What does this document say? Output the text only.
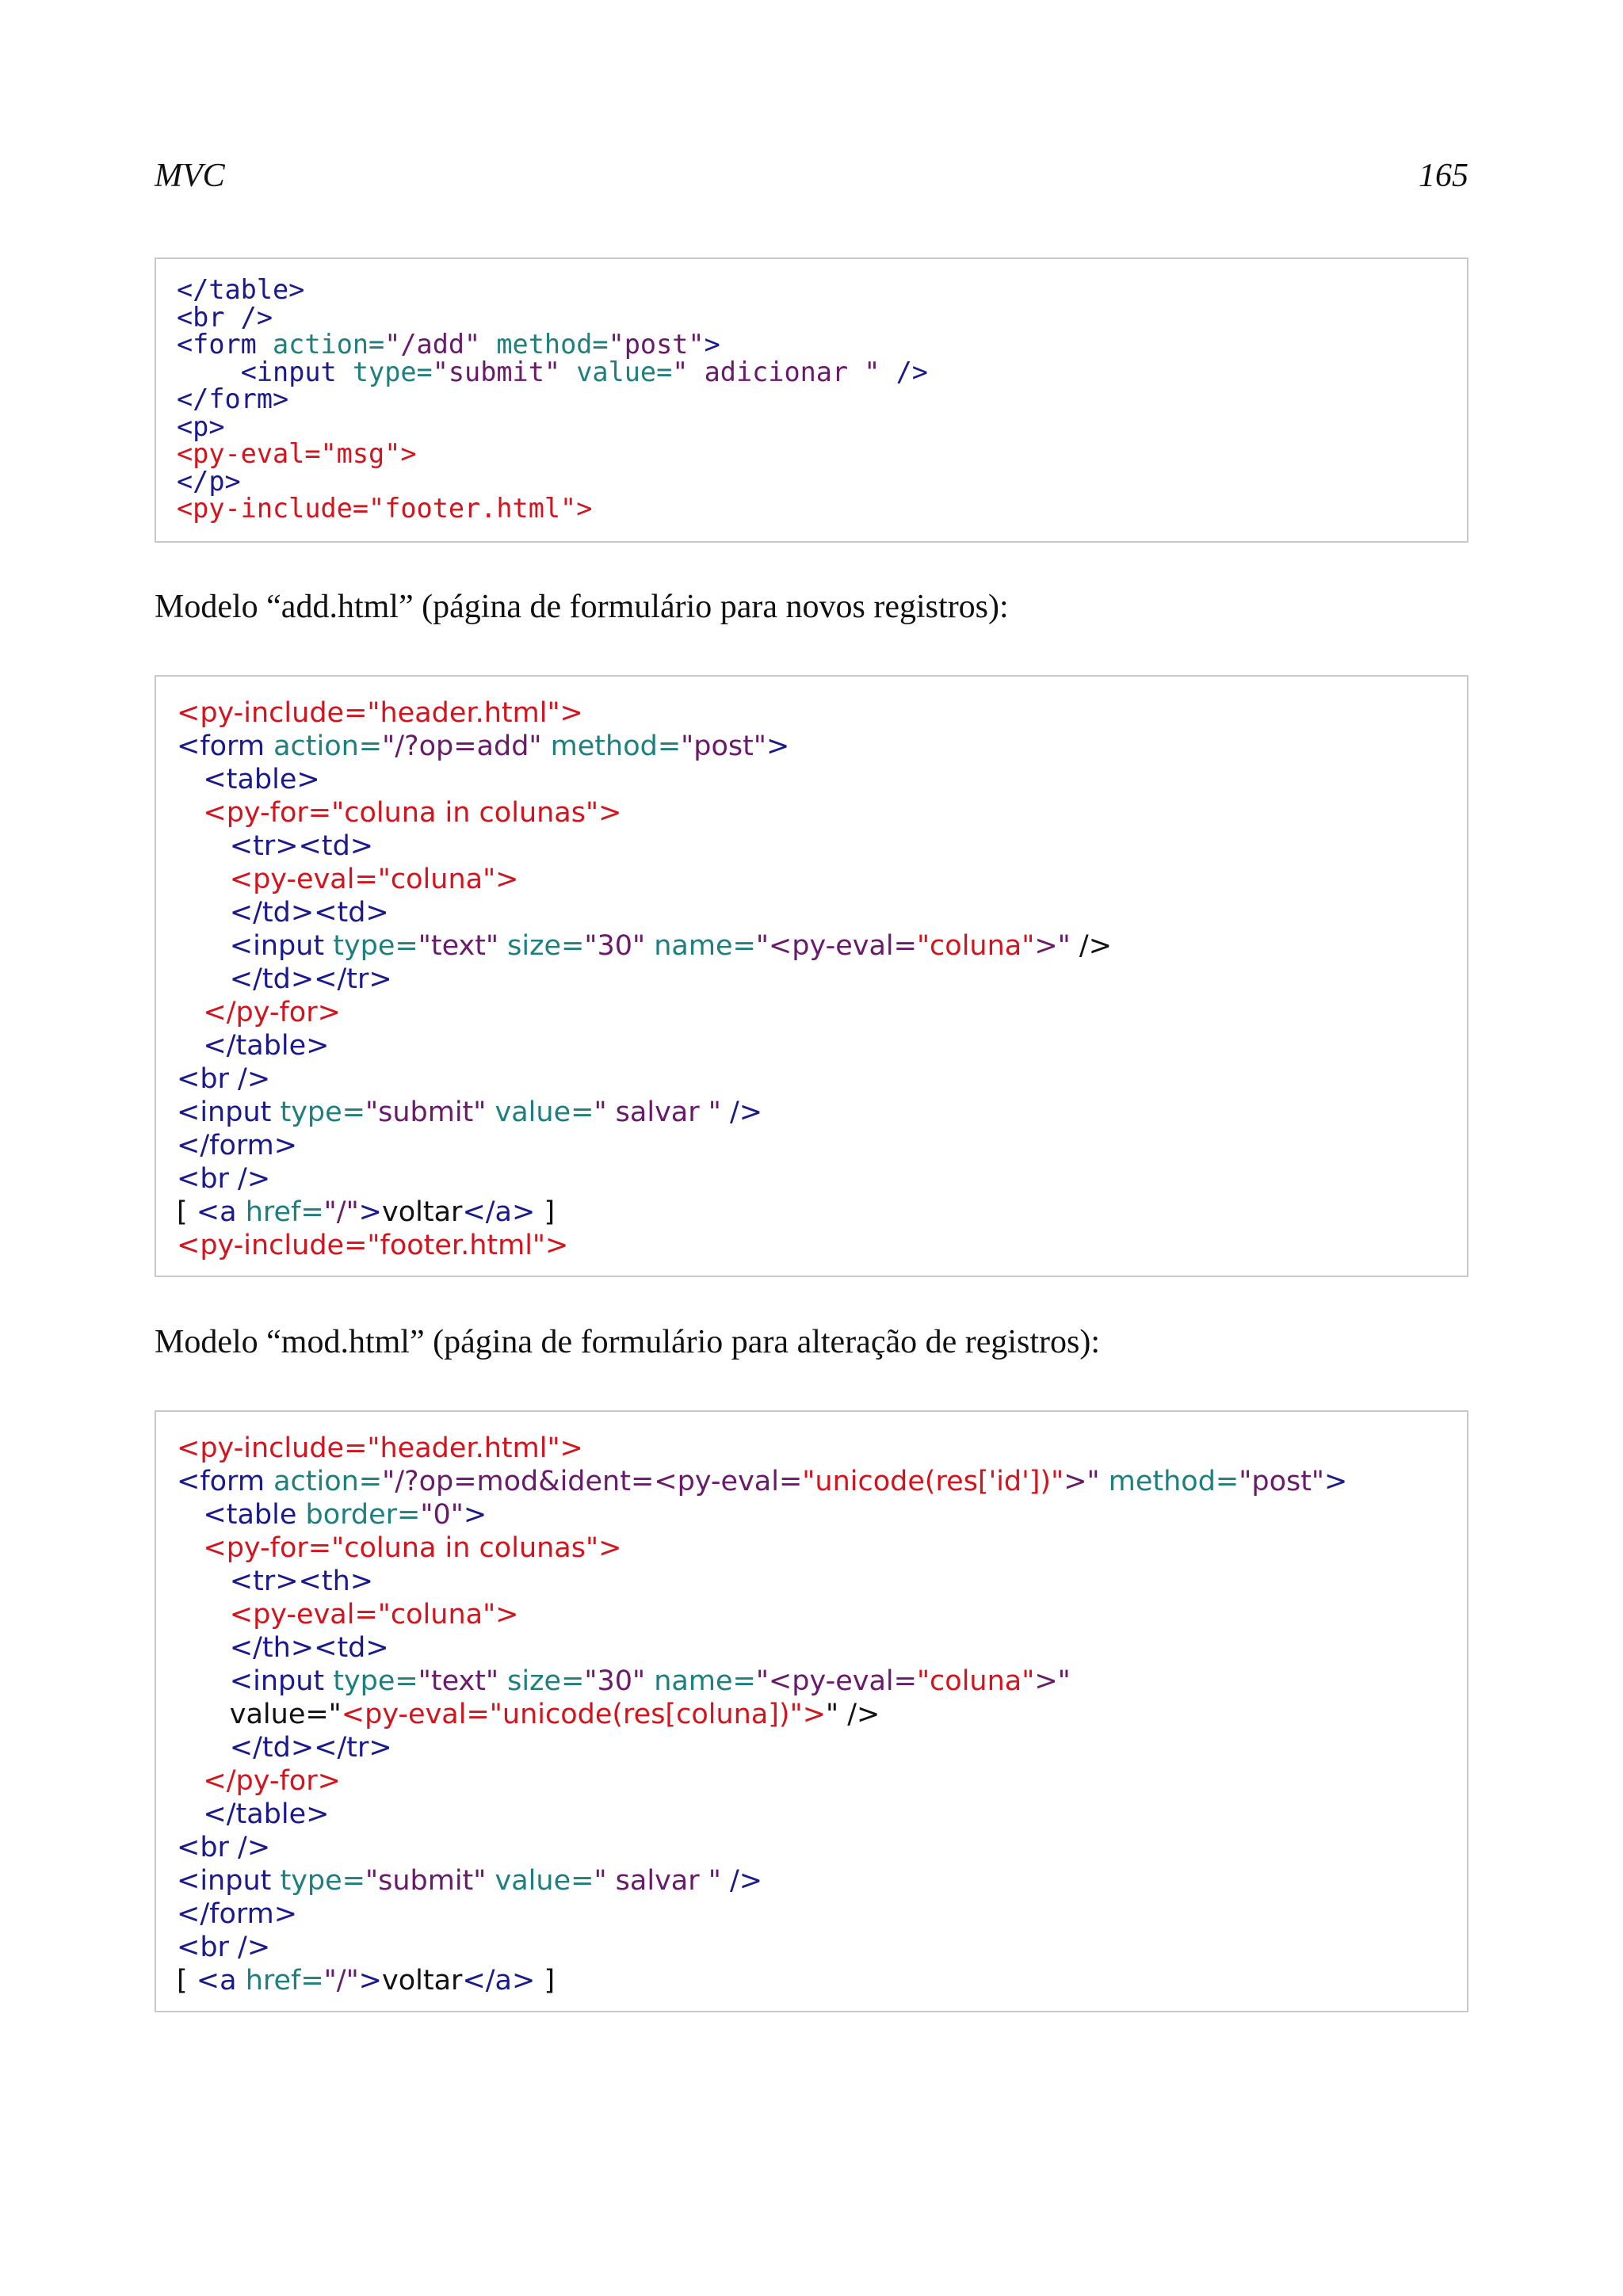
MVC	165
</table>
<br />
<form action="/add" method="post">
<input type="submit" value=" adicionar " />
</form>
<p>
<py-eval="msg">
</p>
<py-include="footer.html">
Modelo “add.html” (página de formulário para novos registros):
<py-include="header.html">
<form action="/?op=add" method="post">
<table>
<py-for="coluna in colunas">
<tr><td>
<py-eval="coluna">
</td><td>
<input type="text" size="30" name="<py-eval="coluna">" />
</td></tr>
</py-for>
</table>
<br />
<input type="submit" value=" salvar " />
</form>
<br />
[ <a href="/">voltar</a> ]
<py-include="footer.html">
Modelo “mod.html” (página de formulário para alteração de registros):
<py-include="header.html">
<form action="/?op=mod&ident=<py-eval="unicode(res['id'])">" method="post">
<table border="0">
<py-for="coluna in colunas">
<tr><th>
<py-eval="coluna">
</th><td>
<input type="text" size="30" name="<py-eval="coluna">"
value="<py-eval="unicode(res[coluna])">" />
</td></tr>
</py-for>
</table>
<br />
<input type="submit" value=" salvar " />
</form>
<br />
[ <a href="/">voltar</a> ]
